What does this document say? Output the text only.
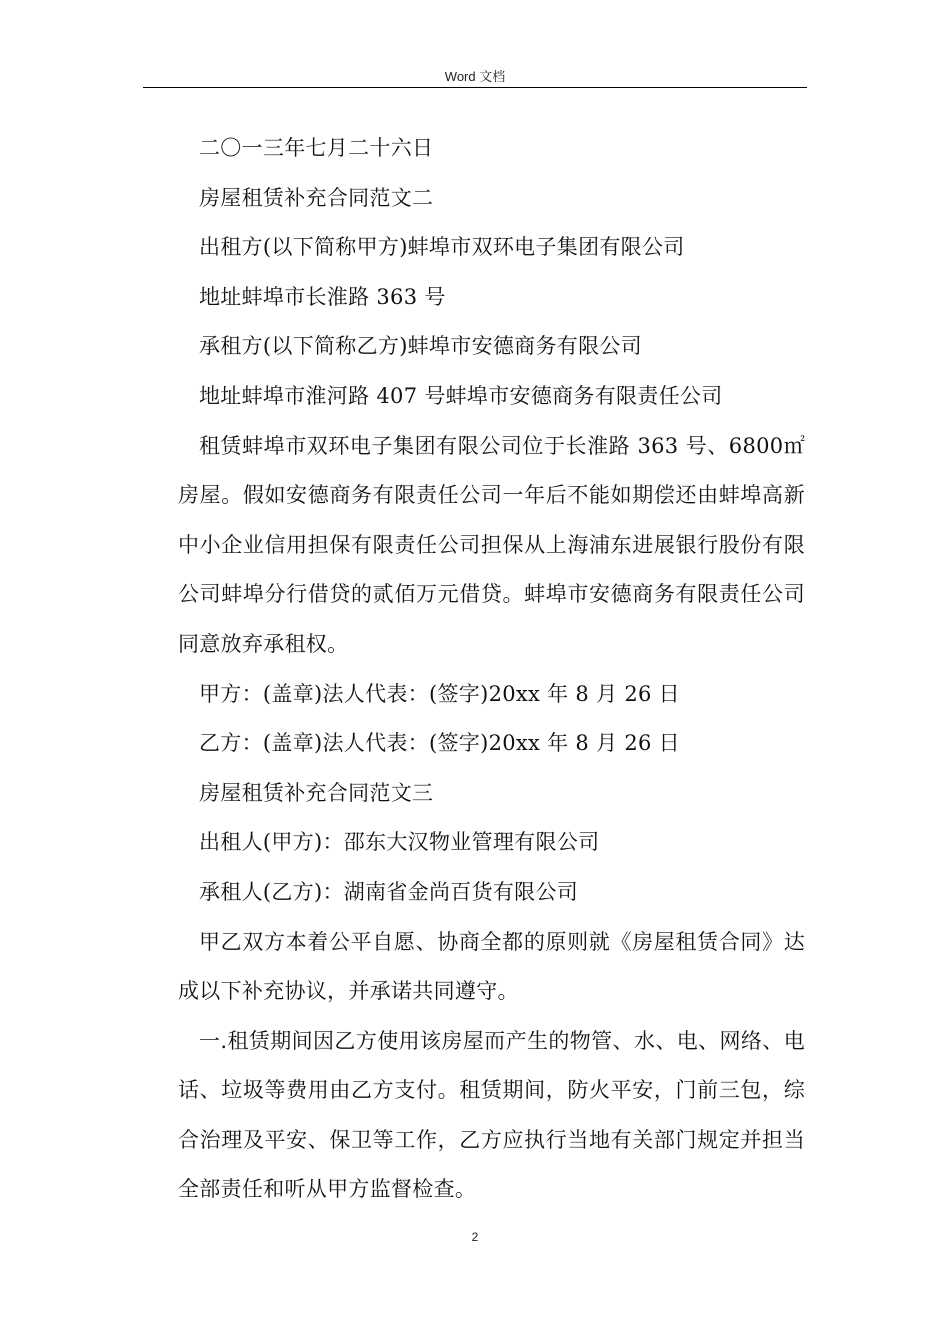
Word 文档

二〇一三年七月二十六日

房屋租赁补充合同范文二

出租方(以下简称甲方)蚌埠市双环电子集团有限公司

地址蚌埠市长淮路 363 号

承租方(以下简称乙方)蚌埠市安德商务有限公司

地址蚌埠市淮河路 407 号蚌埠市安德商务有限责任公司

租赁蚌埠市双环电子集团有限公司位于长淮路 363 号、6800㎡房屋。假如安德商务有限责任公司一年后不能如期偿还由蚌埠高新中小企业信用担保有限责任公司担保从上海浦东进展银行股份有限公司蚌埠分行借贷的贰佰万元借贷。蚌埠市安德商务有限责任公司同意放弃承租权。

甲方：(盖章)法人代表：(签字)20xx 年 8 月 26 日

乙方：(盖章)法人代表：(签字)20xx 年 8 月 26 日

房屋租赁补充合同范文三

出租人(甲方)：邵东大汉物业管理有限公司

承租人(乙方)：湖南省金尚百货有限公司

甲乙双方本着公平自愿、协商全都的原则就《房屋租赁合同》达成以下补充协议，并承诺共同遵守。

一.租赁期间因乙方使用该房屋而产生的物管、水、电、网络、电话、垃圾等费用由乙方支付。租赁期间，防火平安，门前三包，综合治理及平安、保卫等工作，乙方应执行当地有关部门规定并担当全部责任和听从甲方监督检查。

2
